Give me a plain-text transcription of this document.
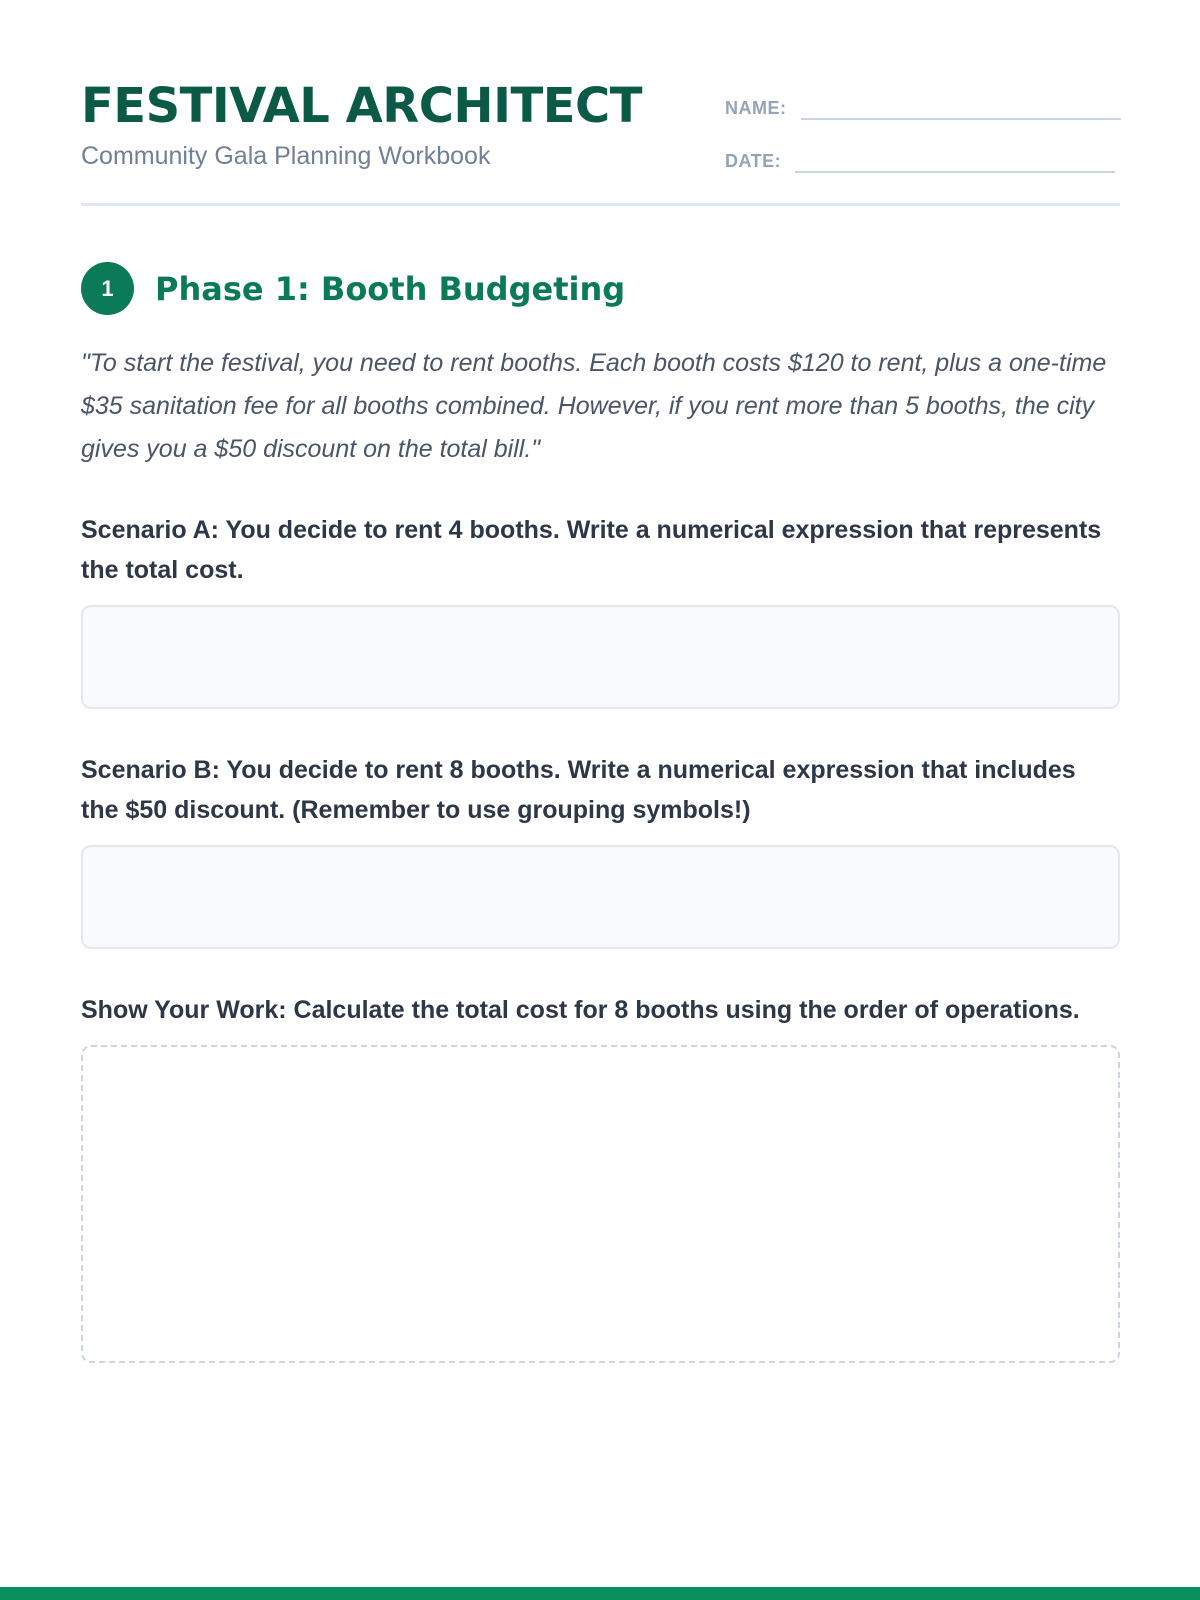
FESTIVAL ARCHITECT
Community Gala Planning Workbook
NAME:
DATE:
1	Phase 1: Booth Budgeting

"To start the festival, you need to rent booths. Each booth costs $120 to rent, plus a one-time $35 sanitation fee for all booths combined. However, if you rent more than 5 booths, the city gives you a $50 discount on the total bill."

Scenario A: You decide to rent 4 booths. Write a numerical expression that represents the total cost.

Scenario B: You decide to rent 8 booths. Write a numerical expression that includes the $50 discount. (Remember to use grouping symbols!)

Show Your Work: Calculate the total cost for 8 booths using the order of operations.
